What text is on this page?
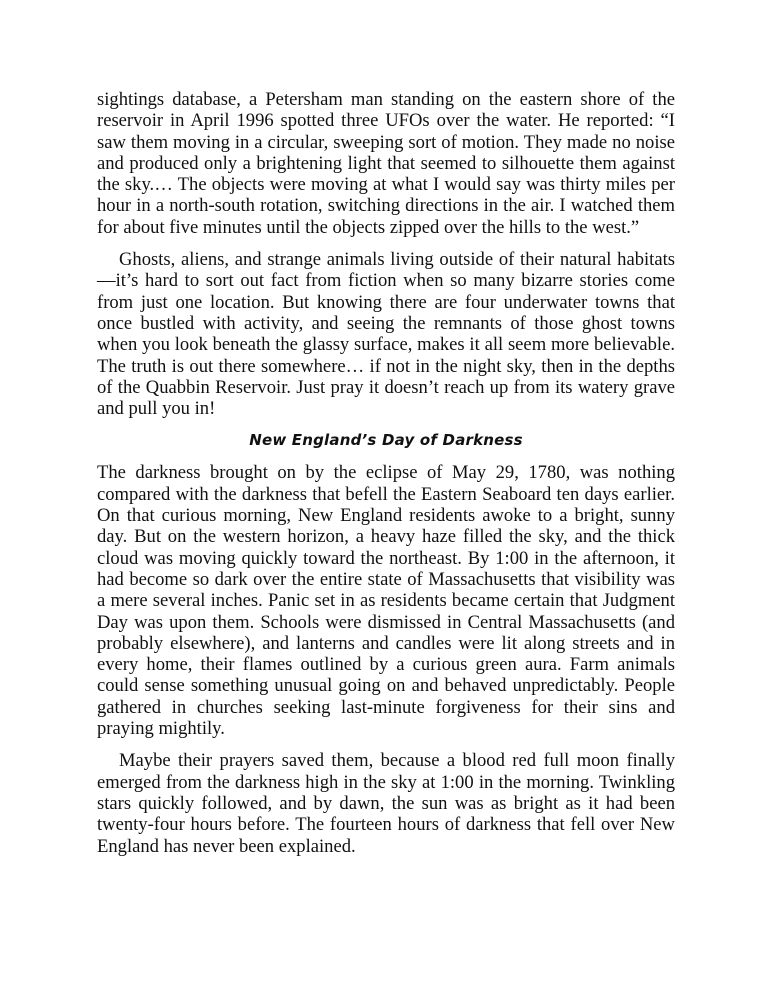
sightings database, a Petersham man standing on the eastern shore of the reservoir in April 1996 spotted three UFOs over the water. He reported: “I saw them moving in a circular, sweeping sort of motion. They made no noise and produced only a brightening light that seemed to silhouette them against the sky.… The objects were moving at what I would say was thirty miles per hour in a north-south rotation, switching directions in the air. I watched them for about five minutes until the objects zipped over the hills to the west.”

Ghosts, aliens, and strange animals living outside of their natural habitats—it’s hard to sort out fact from fiction when so many bizarre stories come from just one location. But knowing there are four underwater towns that once bustled with activity, and seeing the remnants of those ghost towns when you look beneath the glassy surface, makes it all seem more believable. The truth is out there somewhere… if not in the night sky, then in the depths of the Quabbin Reservoir. Just pray it doesn’t reach up from its watery grave and pull you in!

New England’s Day of Darkness

The darkness brought on by the eclipse of May 29, 1780, was nothing compared with the darkness that befell the Eastern Seaboard ten days earlier. On that curious morning, New England residents awoke to a bright, sunny day. But on the western horizon, a heavy haze filled the sky, and the thick cloud was moving quickly toward the northeast. By 1:00 in the afternoon, it had become so dark over the entire state of Massachusetts that visibility was a mere several inches. Panic set in as residents became certain that Judgment Day was upon them. Schools were dismissed in Central Massachusetts (and probably elsewhere), and lanterns and candles were lit along streets and in every home, their flames outlined by a curious green aura. Farm animals could sense something unusual going on and behaved unpredictably. People gathered in churches seeking last-minute forgiveness for their sins and praying mightily.

Maybe their prayers saved them, because a blood red full moon finally emerged from the darkness high in the sky at 1:00 in the morning. Twinkling stars quickly followed, and by dawn, the sun was as bright as it had been twenty-four hours before. The fourteen hours of darkness that fell over New England has never been explained.
